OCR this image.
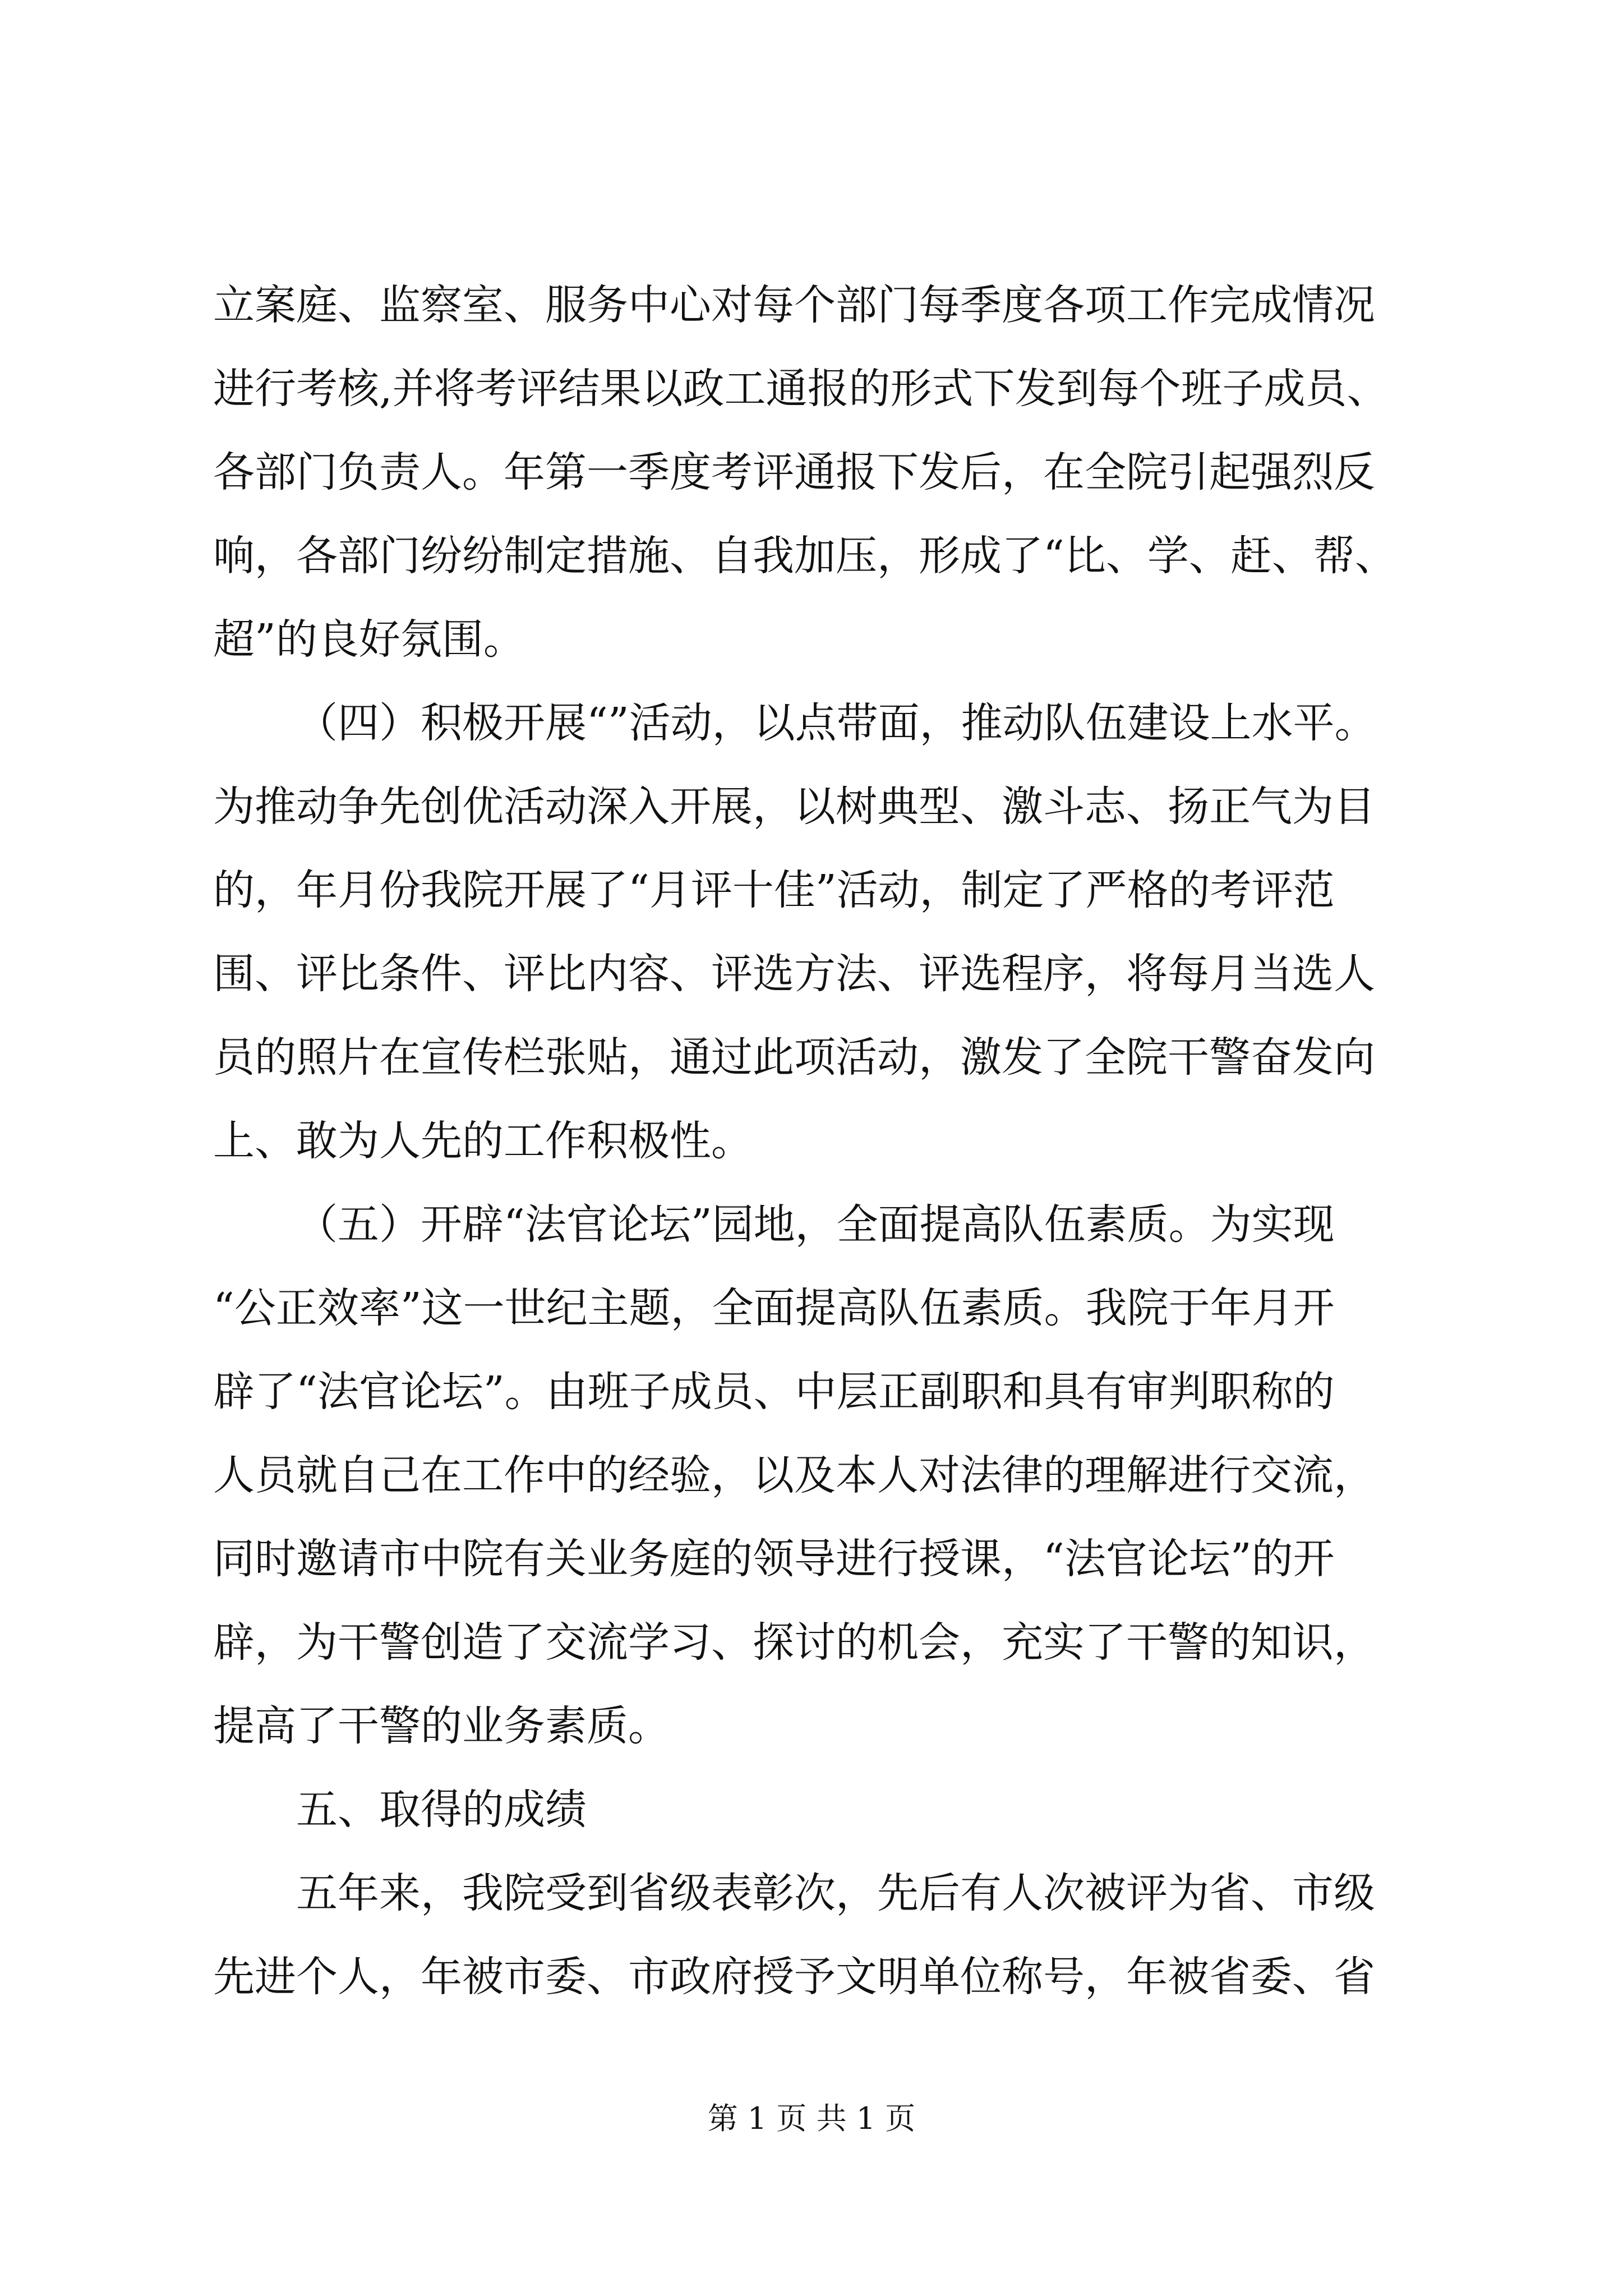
立案庭、监察室、服务中心对每个部门每季度各项工作完成情况
进行考核,并将考评结果以政工通报的形式下发到每个班子成员、
各部门负责人。年第一季度考评通报下发后，在全院引起强烈反
响，各部门纷纷制定措施、自我加压，形成了“比、学、赶、帮、
超”的良好氛围。
（四）积极开展“”活动，以点带面，推动队伍建设上水平。
为推动争先创优活动深入开展，以树典型、激斗志、扬正气为目
的，年月份我院开展了“月评十佳”活动，制定了严格的考评范
围、评比条件、评比内容、评选方法、评选程序，将每月当选人
员的照片在宣传栏张贴，通过此项活动，激发了全院干警奋发向
上、敢为人先的工作积极性。
（五）开辟“法官论坛”园地，全面提高队伍素质。为实现
“公正效率”这一世纪主题，全面提高队伍素质。我院于年月开
辟了“法官论坛”。由班子成员、中层正副职和具有审判职称的
人员就自己在工作中的经验，以及本人对法律的理解进行交流，
同时邀请市中院有关业务庭的领导进行授课，“法官论坛”的开
辟，为干警创造了交流学习、探讨的机会，充实了干警的知识，
提高了干警的业务素质。
五、取得的成绩
五年来，我院受到省级表彰次，先后有人次被评为省、市级
先进个人，年被市委、市政府授予文明单位称号，年被省委、省
第 1 页 共 1 页
